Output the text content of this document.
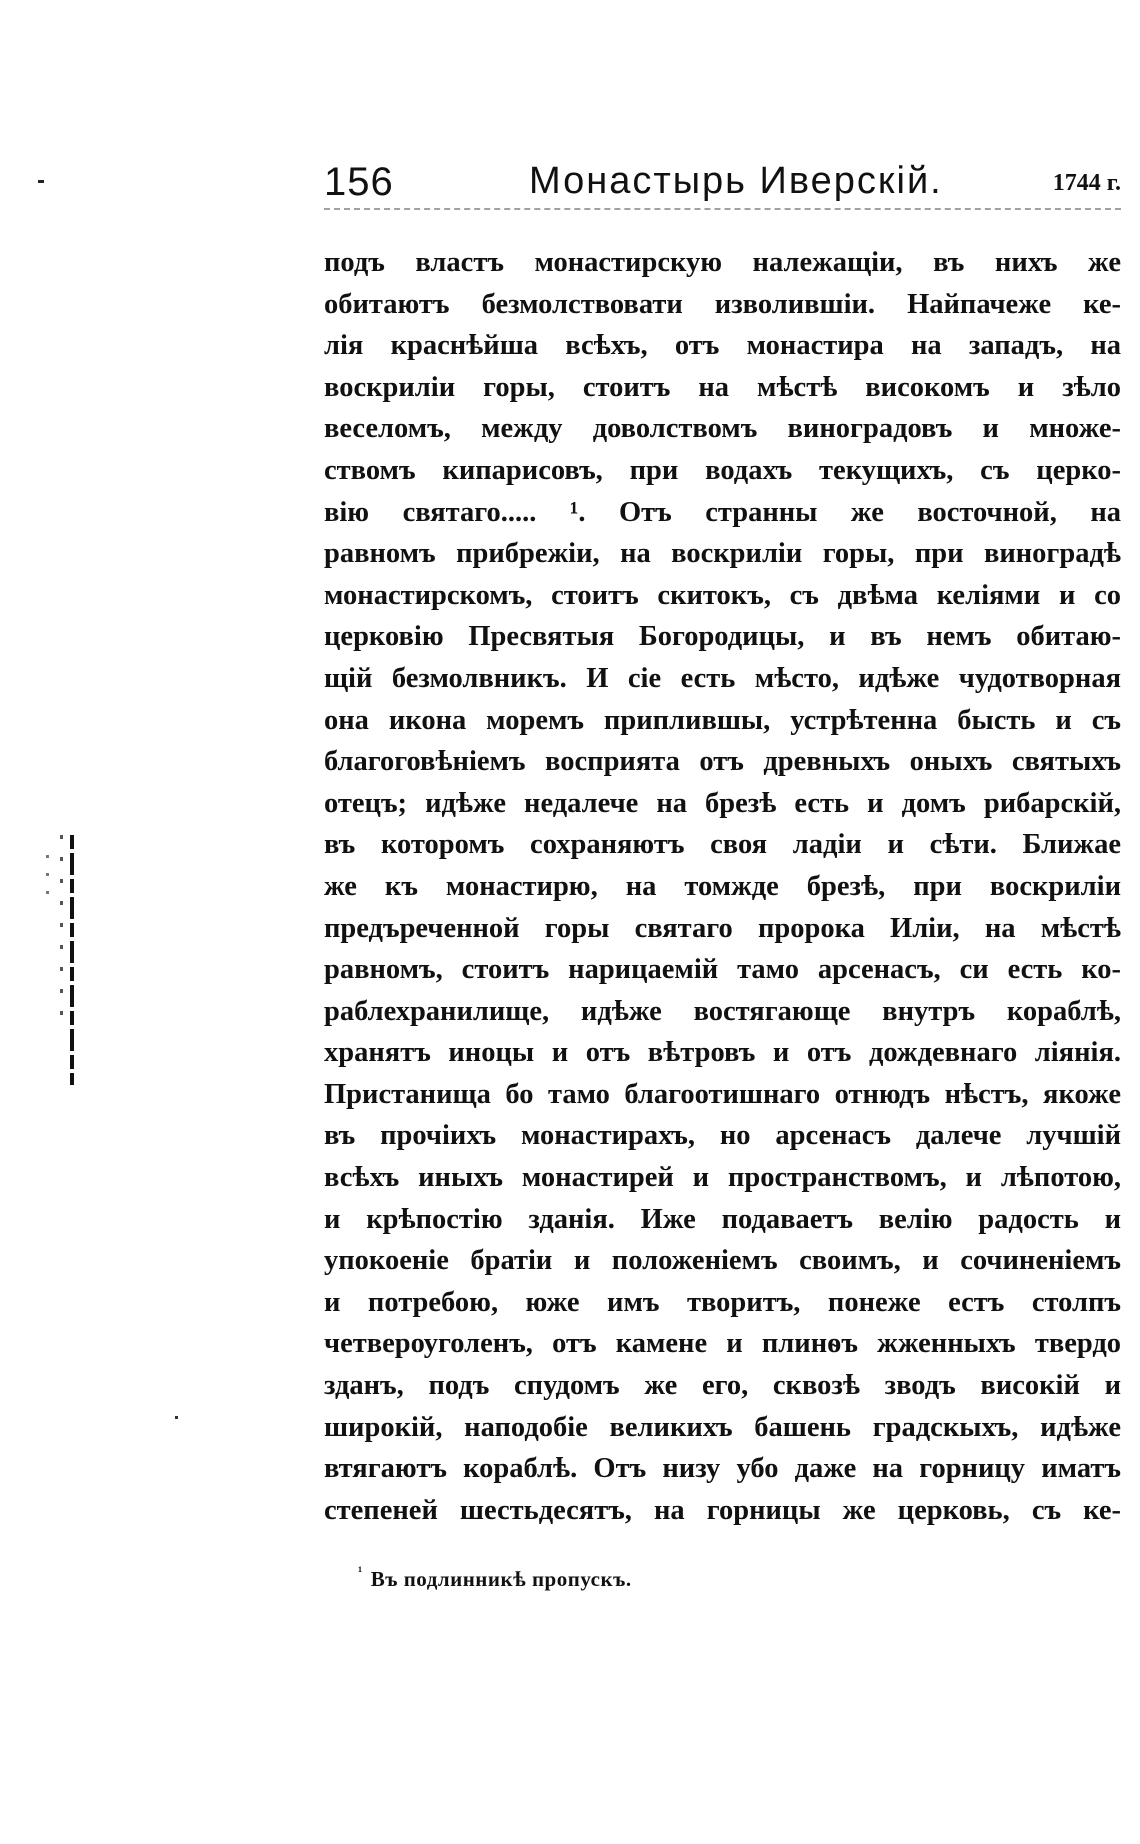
156	Монастырь Иверскій.	1744 г.
подъ властъ монастирскую належащіи, въ нихъ же
обитаютъ безмолствовати изволившіи. Найпачеже ке-
лія краснѣйша всѣхъ, отъ монастира на западъ, на
воскриліи горы, стоитъ на мѣстѣ високомъ и зѣло
веселомъ, между доволствомъ виноградовъ и множе-
ствомъ кипарисовъ, при водахъ текущихъ, съ церко-
вію святаго..... ¹. Отъ странны же восточной, на
равномъ прибрежіи, на воскриліи горы, при виноградѣ
монастирскомъ, стоитъ скитокъ, съ двѣма келіями и со
церковію Пресвятыя Богородицы, и въ немъ обитаю-
щій безмолвникъ. И сіе есть мѣсто, идѣже чудотворная
она икона моремъ приплившы, устрѣтенна бысть и съ
благоговѣніемъ восприята отъ древныхъ оныхъ святыхъ
отецъ; идѣже недалече на брезѣ есть и домъ рибарскій,
въ которомъ сохраняютъ своя ладіи и сѣти. Ближае
же къ монастирю, на томжде брезѣ, при воскриліи
предъреченной горы святаго пророка Иліи, на мѣстѣ
равномъ, стоитъ нарицаемій тамо арсенасъ, си есть ко-
раблехранилище, идѣже востягающе внутръ кораблѣ,
хранятъ иноцы и отъ вѣтровъ и отъ дождевнаго ліянія.
Пристанища бо тамо благоотишнаго отнюдъ нѣстъ, якоже
въ прочіихъ монастирахъ, но арсенасъ далече лучшій
всѣхъ иныхъ монастирей и пространствомъ, и лѣпотою,
и крѣпостію зданія. Иже подаваетъ велію радость и
упокоеніе братіи и положеніемъ своимъ, и сочиненіемъ
и потребою, юже имъ творитъ, понеже естъ столпъ
четвероуголенъ, отъ камене и плинѳъ жженныхъ твердо
зданъ, подъ спудомъ же его, сквозѣ зводъ високій и
широкій, наподобіе великихъ башень градскыхъ, идѣже
втягаютъ кораблѣ. Отъ низу убо даже на горницу иматъ
степеней шестьдесятъ, на горницы же церковь, съ ке-
$^{^1}$ Въ подлинникѣ пропускъ.
